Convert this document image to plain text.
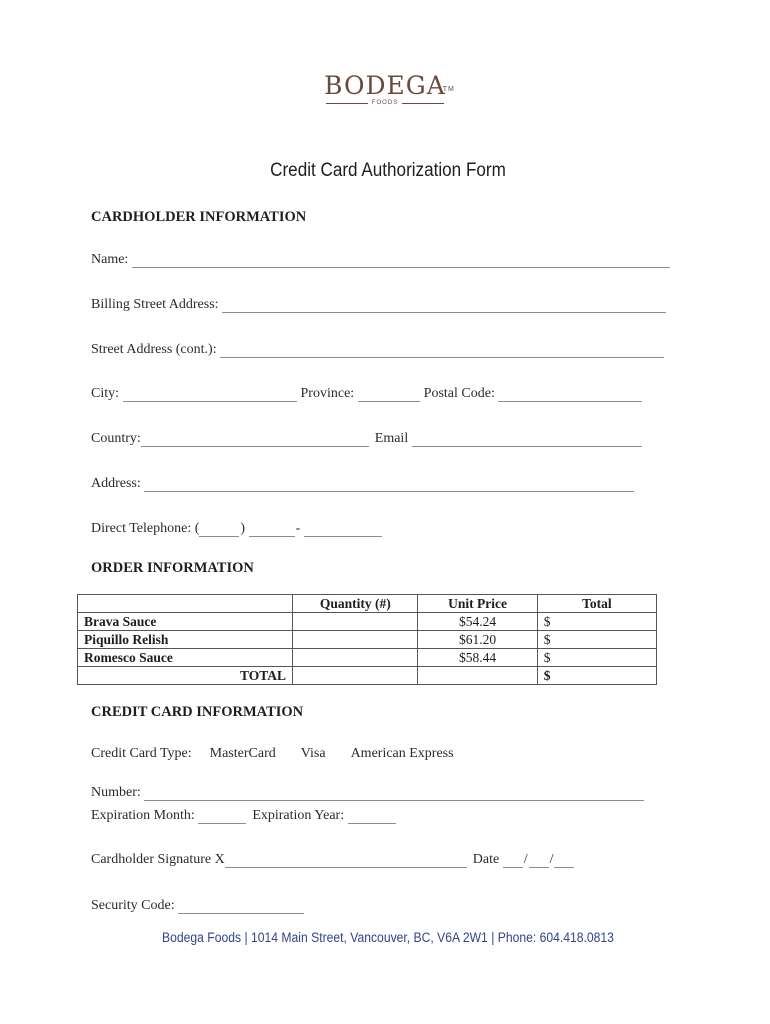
BODEGA
TM
FOODS
Credit Card Authorization Form
CARDHOLDER INFORMATION
Name:

Billing Street Address:

Street Address (cont.):

City:
	Province:
	Postal Code:

Country:	Email

Address:

Direct Telephone:
(	)
	-

ORDER INFORMATION
	Quantity (#)	Unit Price	Total
Brava Sauce		$54.24	$
Piquillo Relish		$61.20	$
Romesco Sauce		$58.44	$
TOTAL			$
CREDIT CARD INFORMATION
Credit Card Type: MasterCard Visa American Express
Number:

Expiration Month:
	Expiration Year:

Cardholder Signature X	Date
/ /
Security Code:

Bodega Foods | 1014 Main Street, Vancouver, BC, V6A 2W1 | Phone: 604.418.0813
